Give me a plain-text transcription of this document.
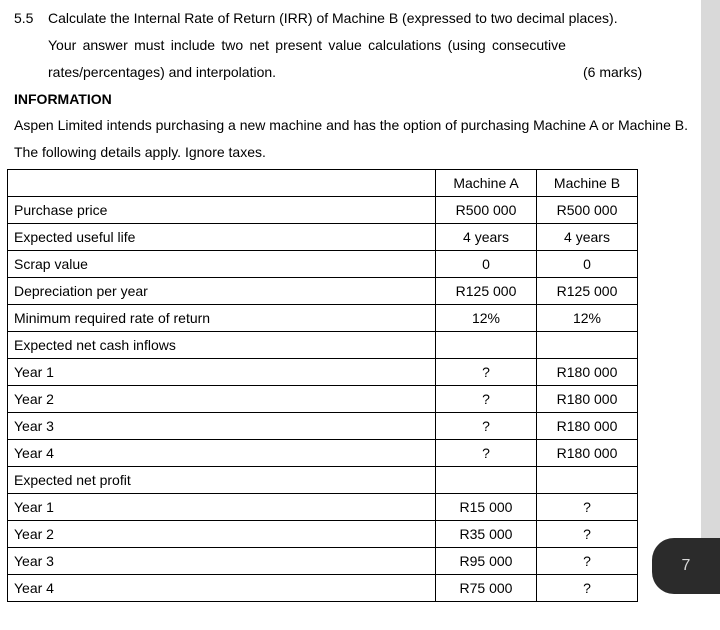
7
5.5 Calculate the Internal Rate of Return (IRR) of Machine B (expressed to two decimal places).
Your answer must include two net present value calculations (using consecutive
rates/percentages) and interpolation.	(6 marks)
INFORMATION
Aspen Limited intends purchasing a new machine and has the option of purchasing Machine A or Machine B.
The following details apply. Ignore taxes.
	Machine A	Machine B
Purchase price	R500 000	R500 000
Expected useful life	4 years	4 years
Scrap value	0	0
Depreciation per year	R125 000	R125 000
Minimum required rate of return	12%	12%
Expected net cash inflows		
Year 1	?	R180 000
Year 2	?	R180 000
Year 3	?	R180 000
Year 4	?	R180 000
Expected net profit		
Year 1	R15 000	?
Year 2	R35 000	?
Year 3	R95 000	?
Year 4	R75 000	?
